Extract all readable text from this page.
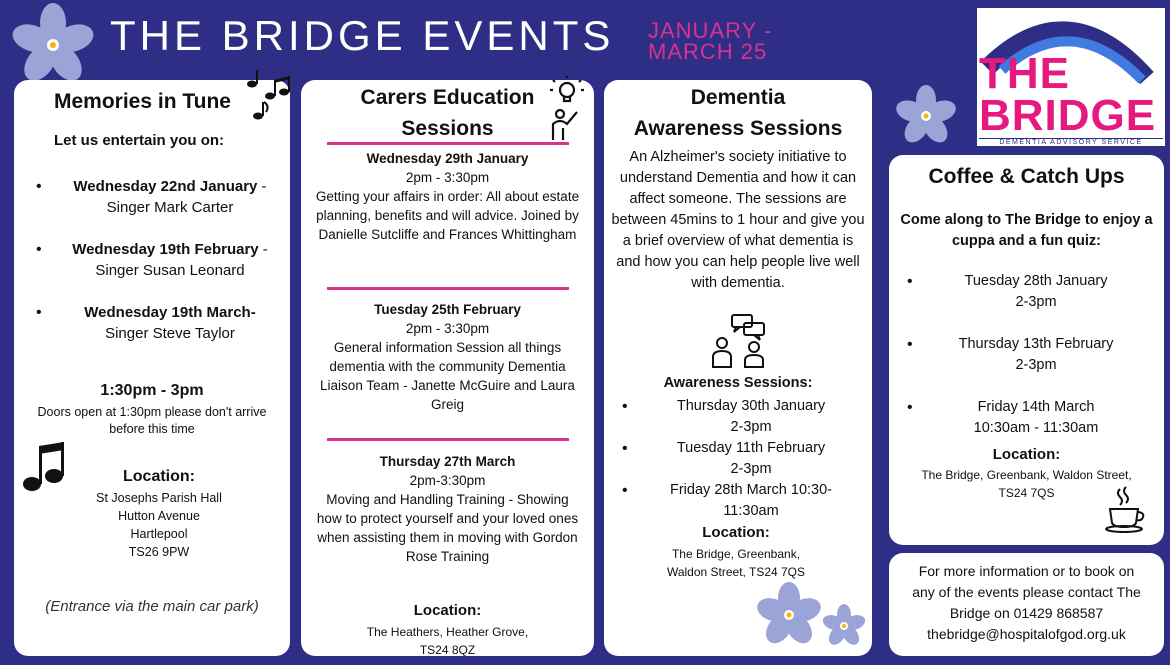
THE BRIDGE EVENTS JANUARY -
MARCH 25	THE
BRIDGE
DEMENTIA ADVISORY SERVICE
Memories in Tune
Let us entertain you on:
• Wednesday 22nd January -
Singer Mark Carter
• Wednesday 19th February -
Singer Susan Leonard
• Wednesday 19th March-
Singer Steve Taylor
1:30pm - 3pm
Doors open at 1:30pm please don't arrive before this time
Location:
St Josephs Parish Hall
Hutton Avenue
Hartlepool
TS26 9PW
(Entrance via the main car park)
Carers Education
Sessions
Wednesday 29th January
2pm - 3:30pm
Getting your affairs in order: All about estate planning, benefits and will advice. Joined by Danielle Sutcliffe and Frances Whittingham
Tuesday 25th February
2pm - 3:30pm
General information Session all things dementia with the community Dementia Liaison Team - Janette McGuire and Laura Greig
Thursday 27th March
2pm-3:30pm
Moving and Handling Training - Showing how to protect yourself and your loved ones when assisting them in moving with Gordon Rose Training
Location:
The Heathers, Heather Grove,
TS24 8QZ
Dementia
Awareness Sessions
An Alzheimer's society initiative to understand Dementia and how it can affect someone. The sessions are between 45mins to 1 hour and give you a brief overview of what dementia is and how you can help people live well with dementia.
Awareness Sessions:
• Thursday 30th January
2-3pm
• Tuesday 11th February
2-3pm
• Friday 28th March 10:30-
11:30am
Location:
The Bridge, Greenbank,
Waldon Street, TS24 7QS
Coffee & Catch Ups
Come along to The Bridge to enjoy a cuppa and a fun quiz:
• Tuesday 28th January
2-3pm
• Thursday 13th February
2-3pm
• Friday 14th March
10:30am - 11:30am
Location:
The Bridge, Greenbank, Waldon Street, TS24 7QS
For more information or to book on
any of the events please contact The
Bridge on 01429 868587
thebridge@hospitalofgod.org.uk
